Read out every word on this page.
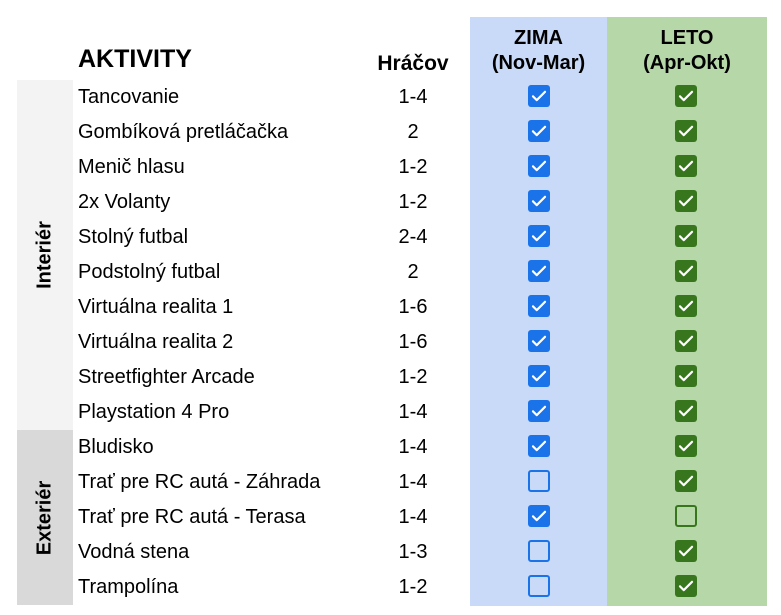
Interiér
Exteriér
AKTIVITY	Hráčov
ZIMA
(Nov-Mar)
LETO
(Apr-Okt)
Tancovanie	1-4
Gombíková pretláčačka	2
Menič hlasu	1-2
2x Volanty	1-2
Stolný futbal	2-4
Podstolný futbal	2
Virtuálna realita 1	1-6
Virtuálna realita 2	1-6
Streetfighter Arcade	1-2
Playstation 4 Pro	1-4
Bludisko	1-4
Trať pre RC autá - Záhrada	1-4
Trať pre RC autá - Terasa	1-4
Vodná stena	1-3
Trampolína	1-2
